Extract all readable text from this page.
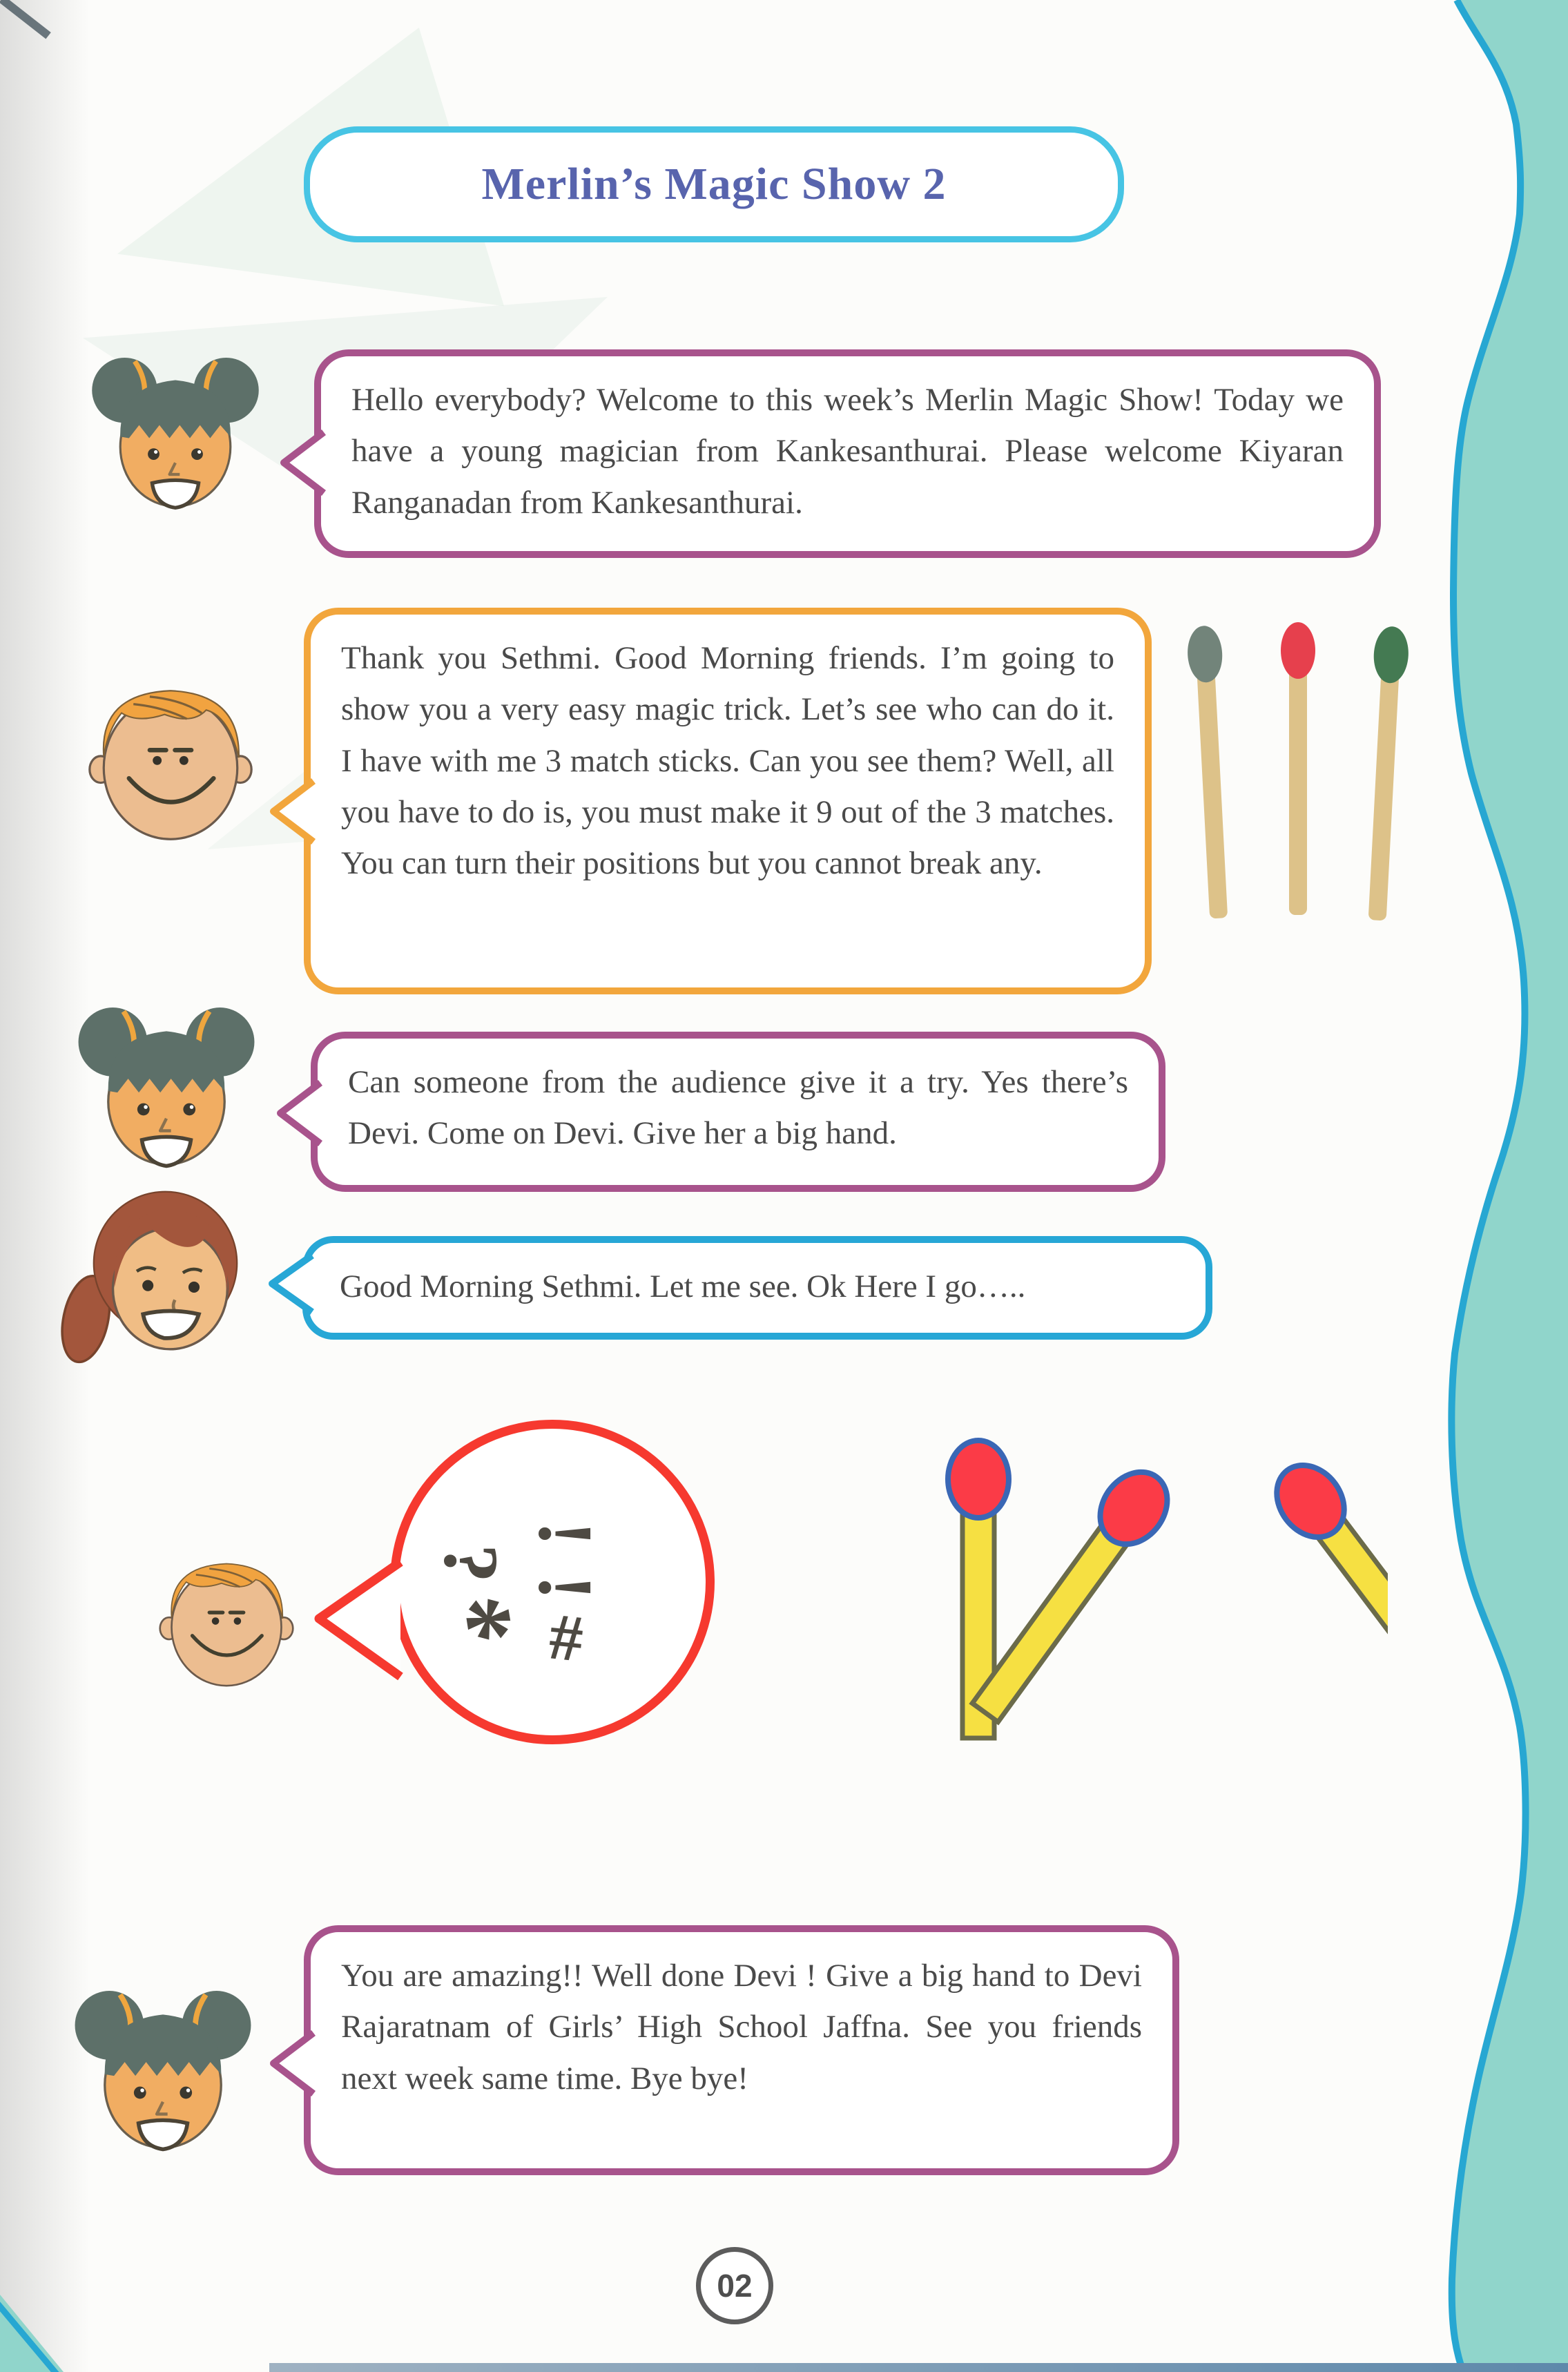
Merlin’s Magic Show 2
Hello everybody? Welcome to this week’s Merlin Magic Show! Today we have a young magician from Kankesanthurai. Please welcome Kiyaran Ranganadan from Kankesanthurai.
Thank you Sethmi. Good Morning friends. I’m going to show you a very easy magic trick. Let’s see who can do it. I have with me 3 match sticks. Can you see them? Well, all you have to do is, you must make it 9 out of the 3 matches. You can turn their positions but you cannot break any.
Can someone from the audience give it a try. Yes there’s Devi. Come on Devi. Give her a big hand.
Good Morning Sethmi. Let me see. Ok Here I go…..
!
?
!
* #
You are amazing!! Well done Devi ! Give a big hand to Devi Rajaratnam of Girls’ High School Jaffna. See you friends next week same time. Bye bye!
02
